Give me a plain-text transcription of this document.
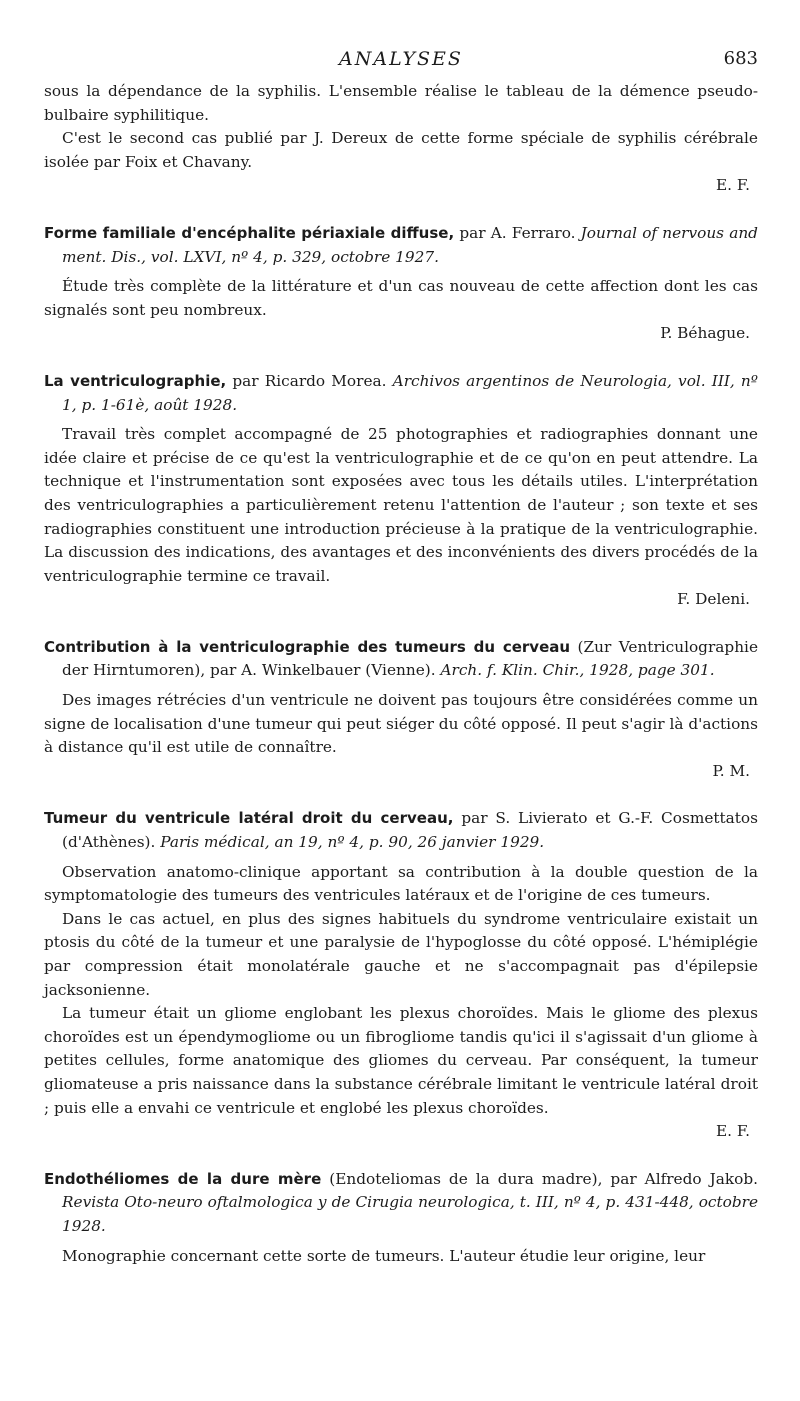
ANALYSES	683

sous la dépendance de la syphilis. L'ensemble réalise le tableau de la démence pseudo-bulbaire syphilitique.

C'est le second cas publié par J. Dereux de cette forme spéciale de syphilis cérébrale isolée par Foix et Chavany.

E. F.

Forme familiale d'encéphalite périaxiale diffuse, par A. Ferraro. Journal of nervous and ment. Dis., vol. LXVI, nº 4, p. 329, octobre 1927.

Étude très complète de la littérature et d'un cas nouveau de cette affection dont les cas signalés sont peu nombreux.

P. Béhague.

La ventriculographie, par Ricardo Morea. Archivos argentinos de Neurologia, vol. III, nº 1, p. 1-61è, août 1928.

Travail très complet accompagné de 25 photographies et radiographies donnant une idée claire et précise de ce qu'est la ventriculographie et de ce qu'on en peut attendre. La technique et l'instrumentation sont exposées avec tous les détails utiles. L'interprétation des ventriculographies a particulièrement retenu l'attention de l'auteur ; son texte et ses radiographies constituent une introduction précieuse à la pratique de la ventriculographie. La discussion des indications, des avantages et des inconvénients des divers procédés de la ventriculographie termine ce travail.

F. Deleni.

Contribution à la ventriculographie des tumeurs du cerveau (Zur Ventriculographie der Hirntumoren), par A. Winkelbauer (Vienne). Arch. f. Klin. Chir., 1928, page 301.

Des images rétrécies d'un ventricule ne doivent pas toujours être considérées comme un signe de localisation d'une tumeur qui peut siéger du côté opposé. Il peut s'agir là d'actions à distance qu'il est utile de connaître.

P. M.

Tumeur du ventricule latéral droit du cerveau, par S. Livierato et G.-F. Cosmettatos (d'Athènes). Paris médical, an 19, nº 4, p. 90, 26 janvier 1929.

Observation anatomo-clinique apportant sa contribution à la double question de la symptomatologie des tumeurs des ventricules latéraux et de l'origine de ces tumeurs.

Dans le cas actuel, en plus des signes habituels du syndrome ventriculaire existait un ptosis du côté de la tumeur et une paralysie de l'hypoglosse du côté opposé. L'hémiplégie par compression était monolatérale gauche et ne s'accompagnait pas d'épilepsie jacksonienne.

La tumeur était un gliome englobant les plexus choroïdes. Mais le gliome des plexus choroïdes est un épendymogliome ou un fibrogliome tandis qu'ici il s'agissait d'un gliome à petites cellules, forme anatomique des gliomes du cerveau. Par conséquent, la tumeur gliomateuse a pris naissance dans la substance cérébrale limitant le ventricule latéral droit ; puis elle a envahi ce ventricule et englobé les plexus choroïdes.

E. F.

Endothéliomes de la dure mère (Endoteliomas de la dura madre), par Alfredo Jakob. Revista Oto-neuro oftalmologica y de Cirugia neurologica, t. III, nº 4, p. 431-448, octobre 1928.

Monographie concernant cette sorte de tumeurs. L'auteur étudie leur origine, leur
